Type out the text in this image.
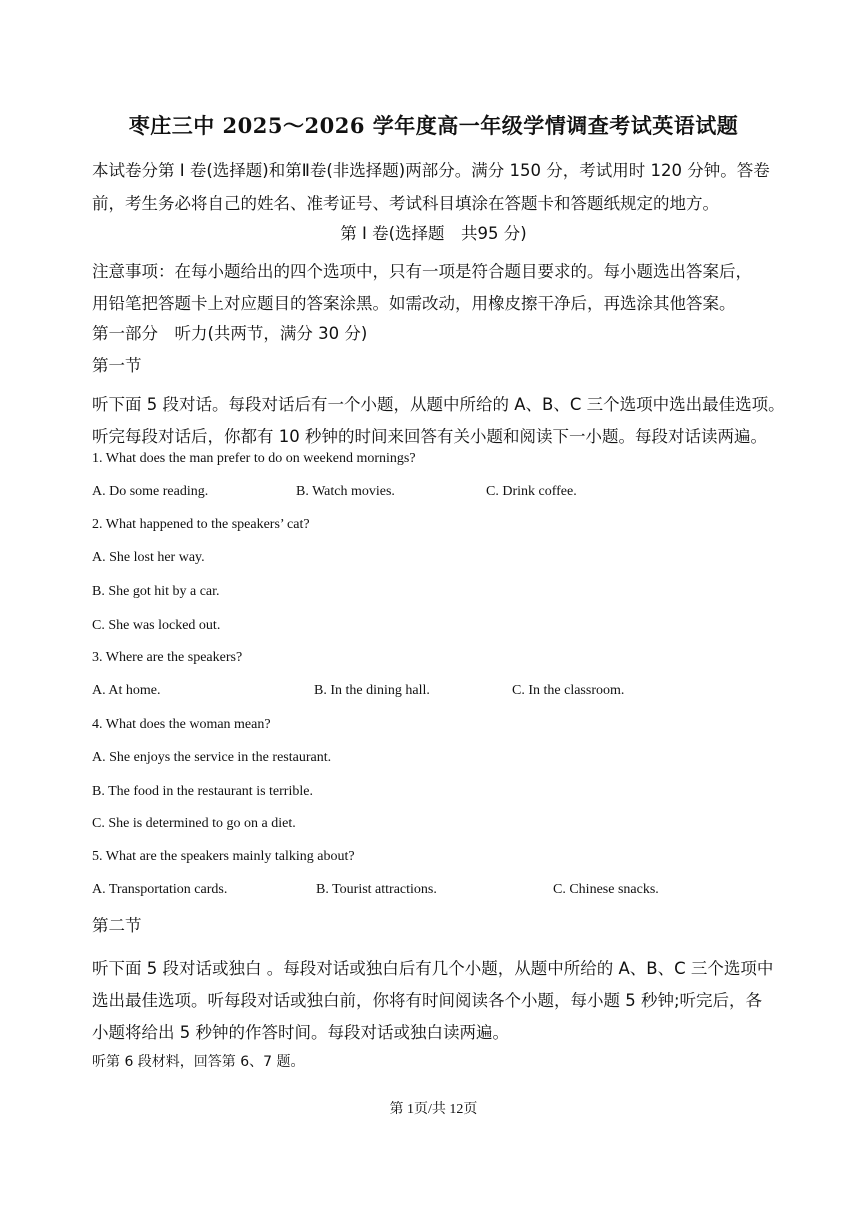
枣庄三中 2025～2026 学年度高一年级学情调查考试英语试题
本试卷分第 Ⅰ 卷(选择题)和第Ⅱ卷(非选择题)两部分。满分 150 分，考试用时 120 分钟。答卷
前，考生务必将自己的姓名、准考证号、考试科目填涂在答题卡和答题纸规定的地方。
第 Ⅰ 卷(选择题　共95 分)
注意事项：在每小题给出的四个选项中，只有一项是符合题目要求的。每小题选出答案后，
用铅笔把答题卡上对应题目的答案涂黑。如需改动，用橡皮擦干净后，再选涂其他答案。
第一部分　听力(共两节，满分 30 分)
第一节
听下面 5 段对话。每段对话后有一个小题，从题中所给的 A、B、C 三个选项中选出最佳选项。
听完每段对话后，你都有 10 秒钟的时间来回答有关小题和阅读下一小题。每段对话读两遍。
1. What does the man prefer to do on weekend mornings?
A. Do some reading.	B. Watch movies.	C. Drink coffee.
2. What happened to the speakers’ cat?
A. She lost her way.
B. She got hit by a car.
C. She was locked out.
3. Where are the speakers?
A. At home.	B. In the dining hall.	C. In the classroom.
4. What does the woman mean?
A. She enjoys the service in the restaurant.
B. The food in the restaurant is terrible.
C. She is determined to go on a diet.
5. What are the speakers mainly talking about?
A. Transportation cards.	B. Tourist attractions.	C. Chinese snacks.
第二节
听下面 5 段对话或独白 。每段对话或独白后有几个小题，从题中所给的 A、B、C 三个选项中
选出最佳选项。听每段对话或独白前，你将有时间阅读各个小题，每小题 5 秒钟;听完后，各
小题将给出 5 秒钟的作答时间。每段对话或独白读两遍。
听第 6 段材料，回答第 6、7 题。
第 1页/共 12页
